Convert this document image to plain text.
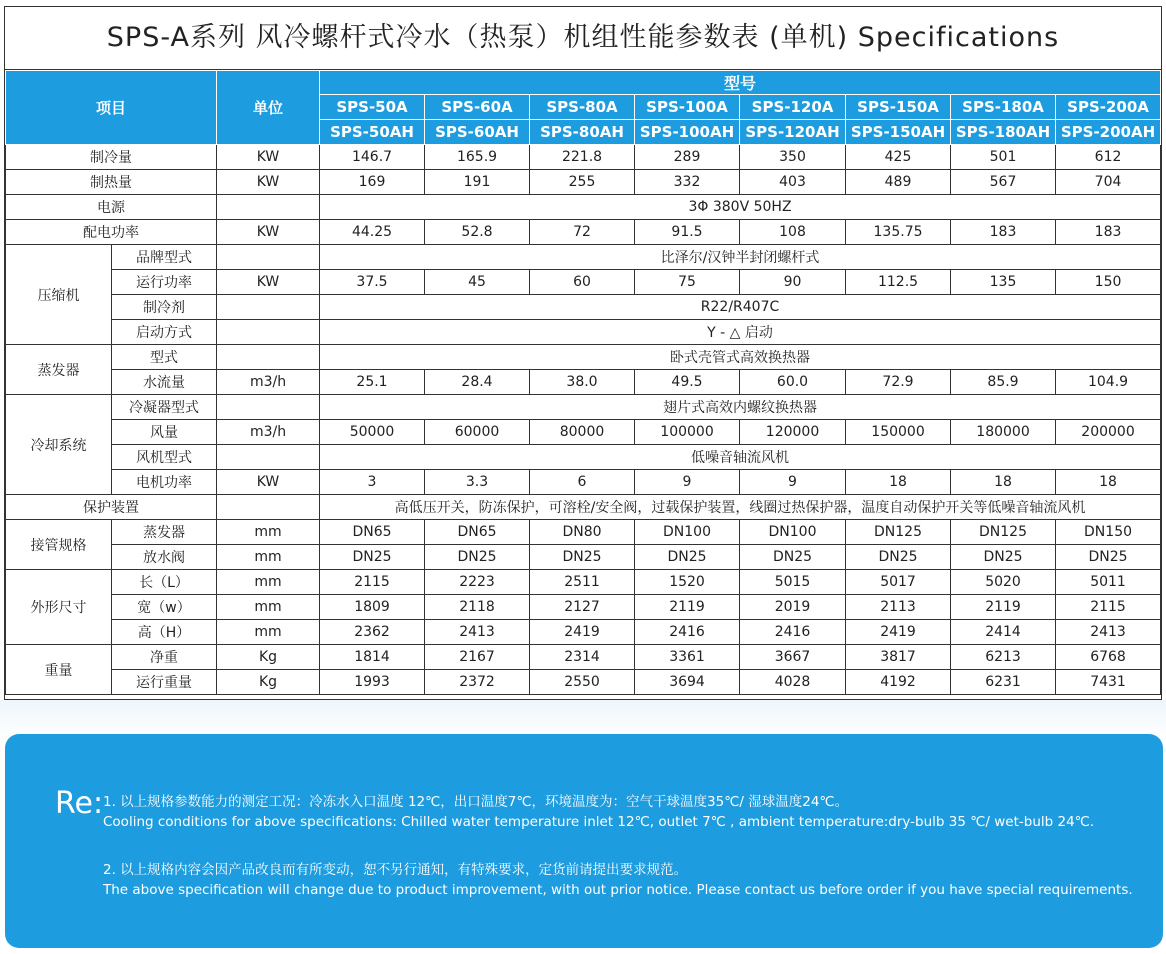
SPS-A系列 风冷螺杆式冷水（热泵）机组性能参数表 (单机) Specifications
项目		单位	型号							
			SPS-50A	SPS-60A	SPS-80A	SPS-100A	SPS-120A	SPS-150A	SPS-180A	SPS-200A
			SPS-50AH	SPS-60AH	SPS-80AH	SPS-100AH	SPS-120AH	SPS-150AH	SPS-180AH	SPS-200AH
制冷量		KW	146.7	165.9	221.8	289	350	425	501	612
制热量		KW	169	191	255	332	403	489	567	704
电源			3Φ 380V 50HZ							
配电功率		KW	44.25	52.8	72	91.5	108	135.75	183	183
压缩机	品牌型式		比泽尔/汉钟半封闭螺杆式							
	运行功率	KW	37.5	45	60	75	90	112.5	135	150
	制冷剂		R22/R407C							
	启动方式		Y - △ 启动							
蒸发器	型式		卧式壳管式高效换热器							
	水流量	m3/h	25.1	28.4	38.0	49.5	60.0	72.9	85.9	104.9
冷却系统	冷凝器型式		翅片式高效内螺纹换热器							
	风量	m3/h	50000	60000	80000	100000	120000	150000	180000	200000
	风机型式		低噪音轴流风机							
	电机功率	KW	3	3.3	6	9	9	18	18	18
保护装置			高低压开关，防冻保护，可溶栓/安全阀，过载保护装置，线圈过热保护器，温度自动保护开关等低噪音轴流风机							
接管规格	蒸发器	mm	DN65	DN65	DN80	DN100	DN100	DN125	DN125	DN150
	放水阀	mm	DN25	DN25	DN25	DN25	DN25	DN25	DN25	DN25
外形尺寸	长（L）	mm	2115	2223	2511	1520	5015	5017	5020	5011
	宽（w）	mm	1809	2118	2127	2119	2019	2113	2119	2115
	高（H）	mm	2362	2413	2419	2416	2416	2419	2414	2413
重量	净重	Kg	1814	2167	2314	3361	3667	3817	6213	6768
	运行重量	Kg	1993	2372	2550	3694	4028	4192	6231	7431
Re: 1. 以上规格参数能力的测定工况：冷冻水入口温度 12℃，出口温度7℃，环境温度为：空气干球温度35℃/ 湿球温度24℃。
Cooling conditions for above specifications: Chilled water temperature inlet 12℃, outlet 7℃ , ambient temperature:dry-bulb 35 ℃/ wet-bulb 24℃.
2. 以上规格内容会因产品改良而有所变动，恕不另行通知，有特殊要求，定货前请提出要求规范。
The above specification will change due to product improvement, with out prior notice. Please contact us before order if you have special requirements.
